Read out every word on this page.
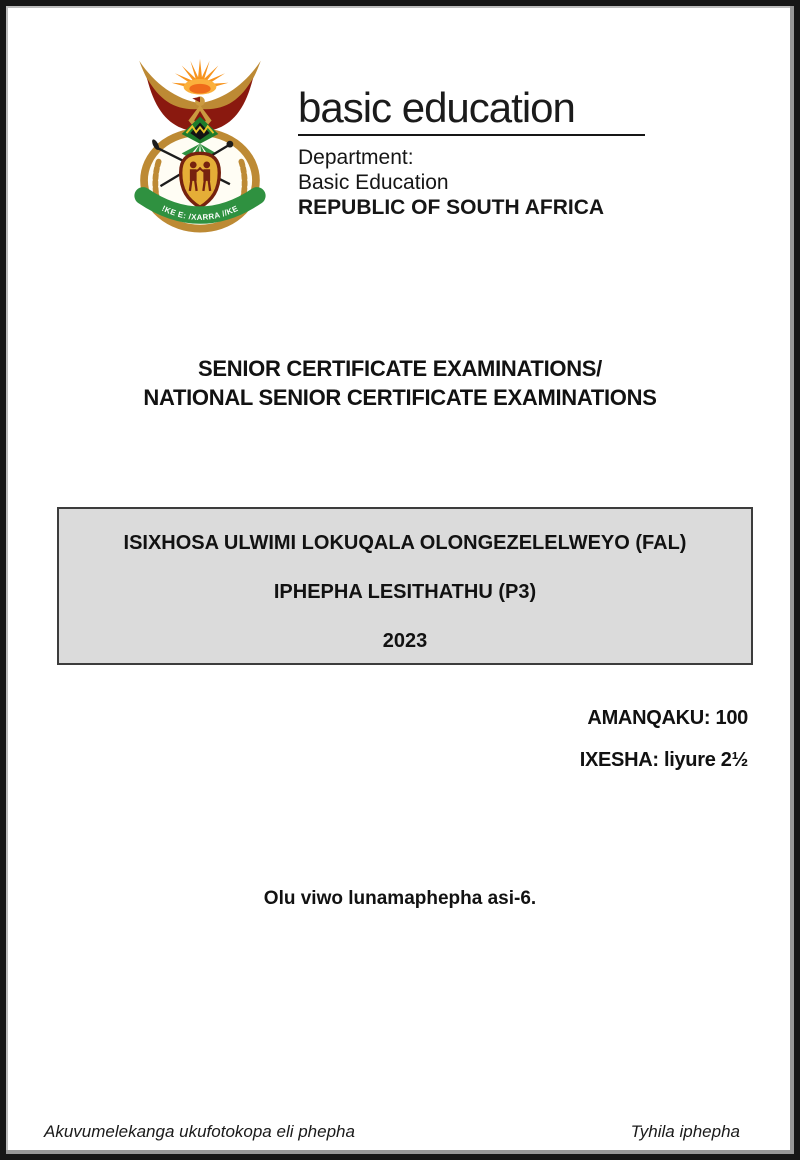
!KE E: /XARRA //KE
basic education
Department:
Basic Education
REPUBLIC OF SOUTH AFRICA
SENIOR CERTIFICATE EXAMINATIONS/
NATIONAL SENIOR CERTIFICATE EXAMINATIONS
ISIXHOSA ULWIMI LOKUQALA OLONGEZELELWEYO (FAL)
IPHEPHA LESITHATHU (P3)
2023
AMANQAKU: 100
IXESHA: liyure 2½
Olu viwo lunamaphepha asi-6.
Akuvumelekanga ukufotokopa eli phepha	Tyhila iphepha
